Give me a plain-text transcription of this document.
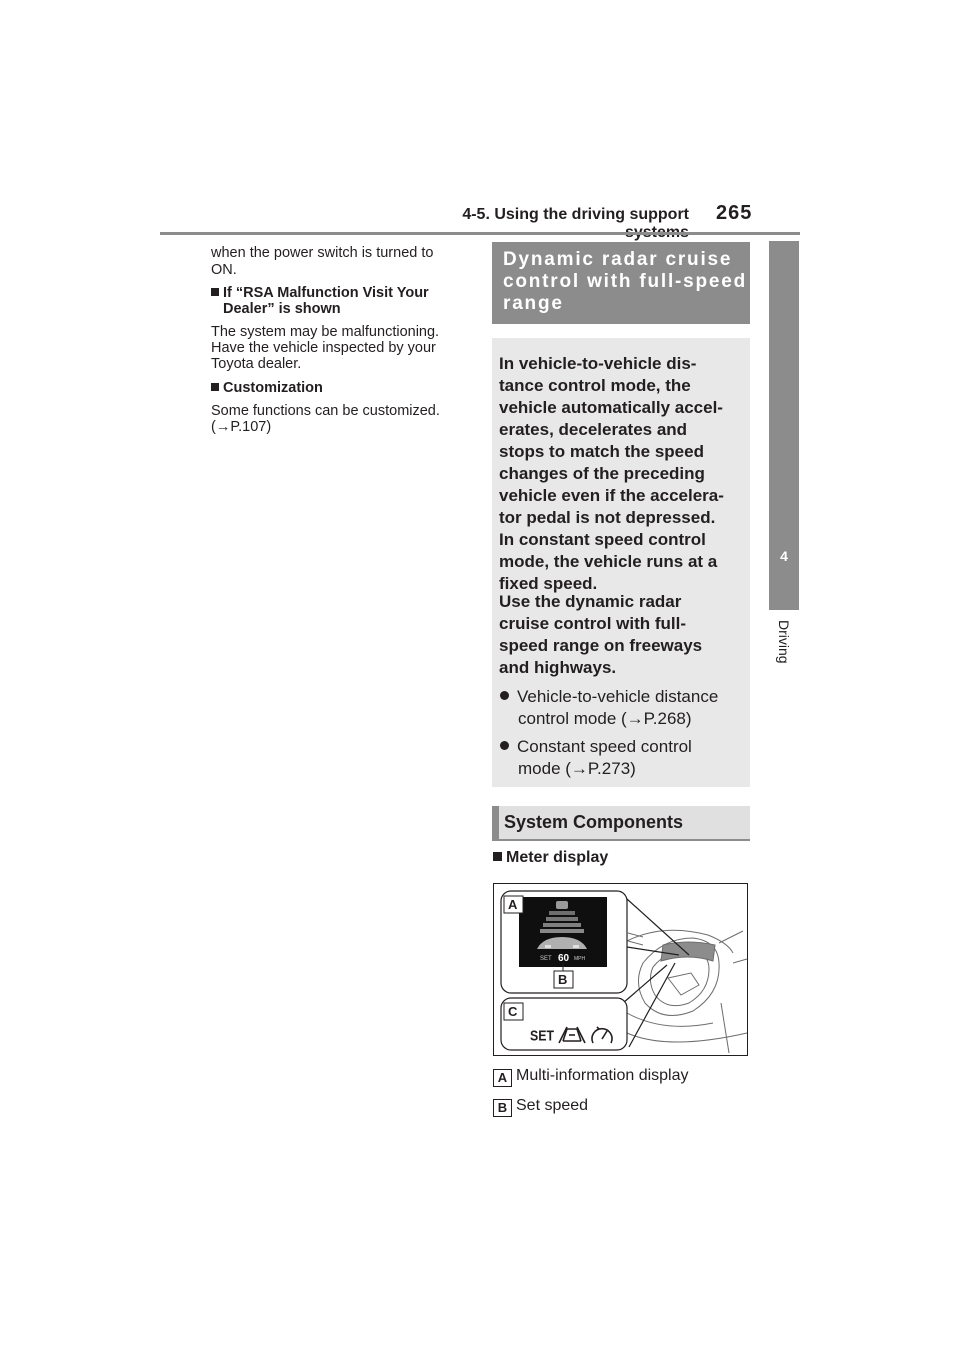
4-5. Using the driving support 265
4
Driving
when the power switch is turned to
ON.
If “RSA Malfunction Visit Your
Dealer” is shown
The system may be malfunctioning.
Have the vehicle inspected by your
Toyota dealer.
Customization
Some functions can be customized.
(→P.107)
Dynamic radar cruise
control with full-speed
range
In vehicle-to-vehicle dis-
tance control mode, the
vehicle automatically accel-
erates, decelerates and
stops to match the speed
changes of the preceding
vehicle even if the accelera-
tor pedal is not depressed.
In constant speed control
mode, the vehicle runs at a
fixed speed.
Use the dynamic radar
cruise control with full-
speed range on freeways
and highways.
Vehicle-to-vehicle distance
control mode (→P.268)
Constant speed control
mode (→P.273)
System Components
Meter display
SET 60 MPH
A
B
C
SET
A Multi-information display
B Set speed
